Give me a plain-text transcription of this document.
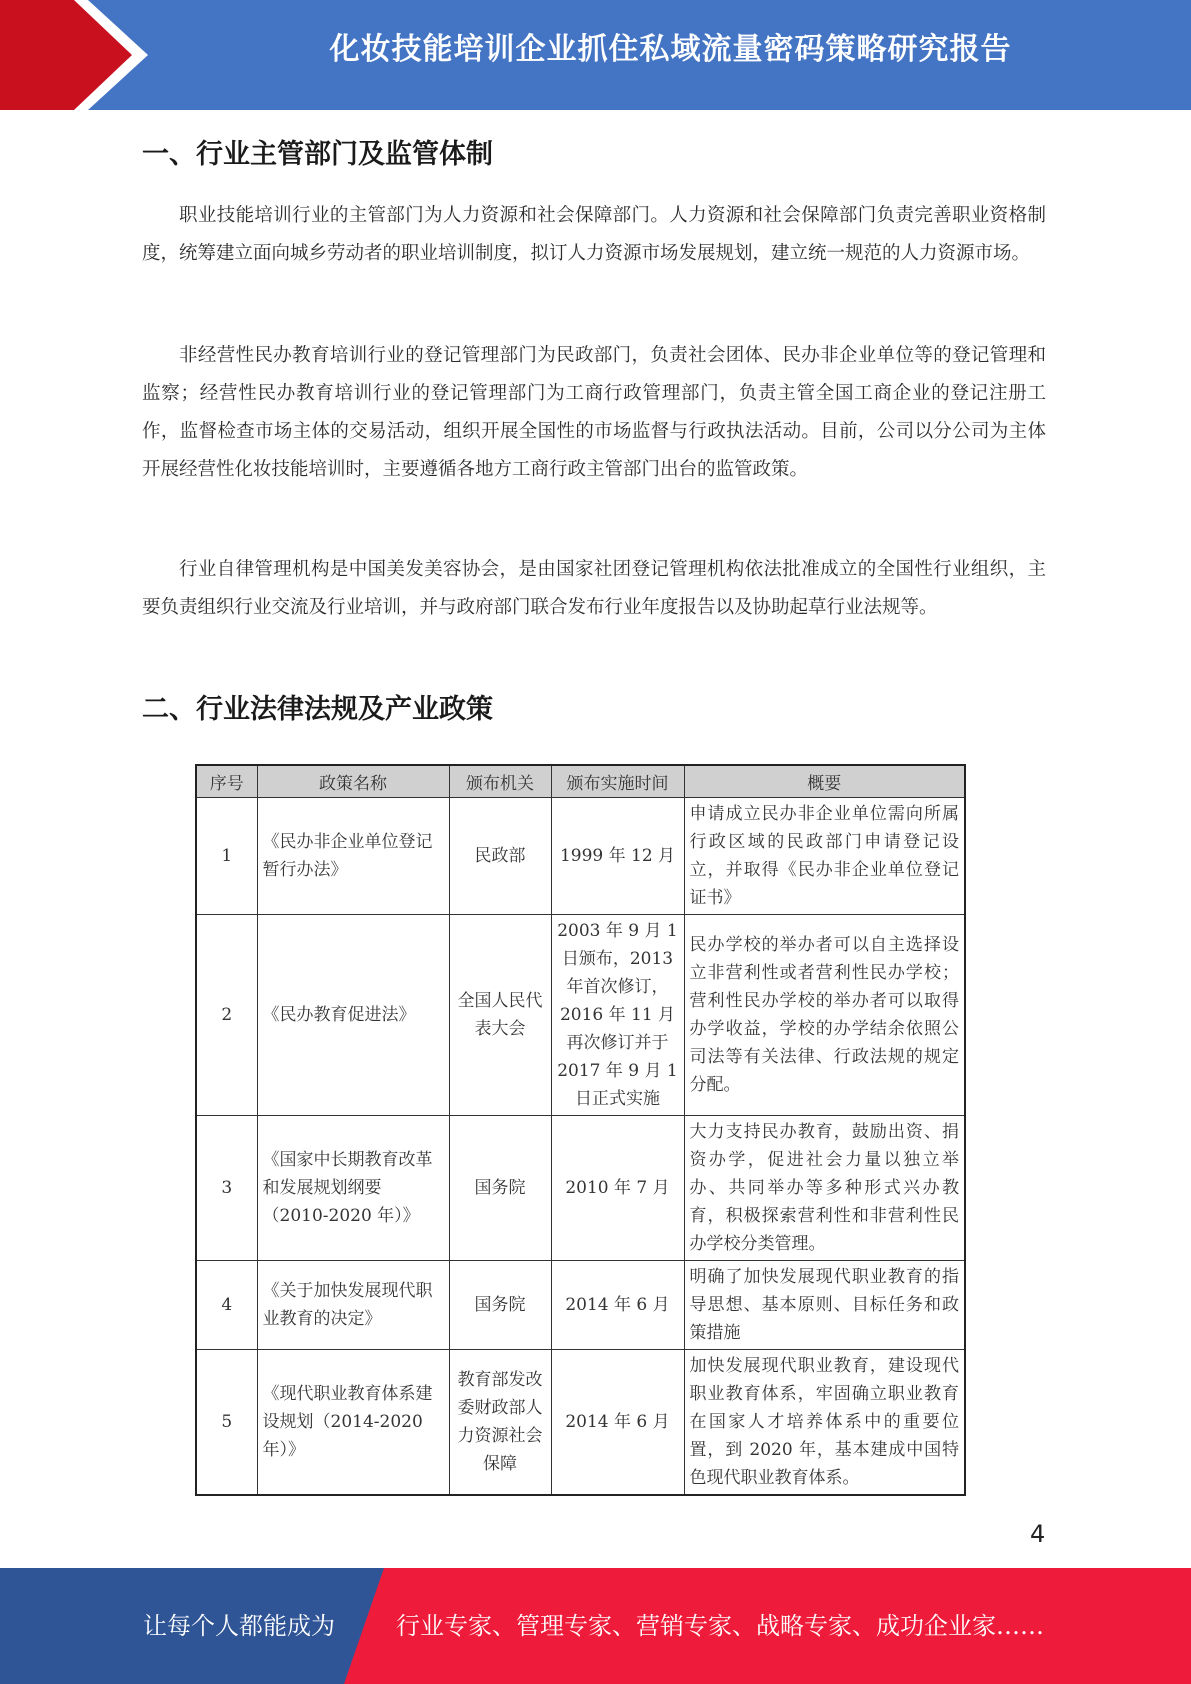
化妆技能培训企业抓住私域流量密码策略研究报告
一、行业主管部门及监管体制

职业技能培训行业的主管部门为人力资源和社会保障部门。人力资源和社会保障部门负责完善职业资格制度，统筹建立面向城乡劳动者的职业培训制度，拟订人力资源市场发展规划，建立统一规范的人力资源市场。

非经营性民办教育培训行业的登记管理部门为民政部门，负责社会团体、民办非企业单位等的登记管理和监察；经营性民办教育培训行业的登记管理部门为工商行政管理部门，负责主管全国工商企业的登记注册工作，监督检查市场主体的交易活动，组织开展全国性的市场监督与行政执法活动。目前，公司以分公司为主体开展经营性化妆技能培训时，主要遵循各地方工商行政主管部门出台的监管政策。

行业自律管理机构是中国美发美容协会，是由国家社团登记管理机构依法批准成立的全国性行业组织，主要负责组织行业交流及行业培训，并与政府部门联合发布行业年度报告以及协助起草行业法规等。

二、行业法律法规及产业政策
序号	政策名称	颁布机关	颁布实施时间	概要
1	《民办非企业单位登记暂行办法》	民政部	1999 年 12 月	申请成立民办非企业单位需向所属行政区域的民政部门申请登记设立，并取得《民办非企业单位登记证书》
2	《民办教育促进法》	全国人民代表大会	2003 年 9 月 1 日颁布，2013 年首次修订，2016 年 11 月再次修订并于 2017 年 9 月 1 日正式实施	民办学校的举办者可以自主选择设立非营利性或者营利性民办学校；营利性民办学校的举办者可以取得办学收益，学校的办学结余依照公司法等有关法律、行政法规的规定分配。
3	《国家中长期教育改革和发展规划纲要（2010-2020 年）》	国务院	2010 年 7 月	大力支持民办教育，鼓励出资、捐资办学，促进社会力量以独立举办、共同举办等多种形式兴办教育，积极探索营利性和非营利性民办学校分类管理。
4	《关于加快发展现代职业教育的决定》	国务院	2014 年 6 月	明确了加快发展现代职业教育的指导思想、基本原则、目标任务和政策措施
5	《现代职业教育体系建设规划（2014-2020 年）》	教育部发改委财政部人力资源社会保障	2014 年 6 月	加快发展现代职业教育，建设现代职业教育体系，牢固确立职业教育在国家人才培养体系中的重要位置，到 2020 年，基本建成中国特色现代职业教育体系。
4
让每个人都能成为	行业专家、管理专家、营销专家、战略专家、成功企业家……
